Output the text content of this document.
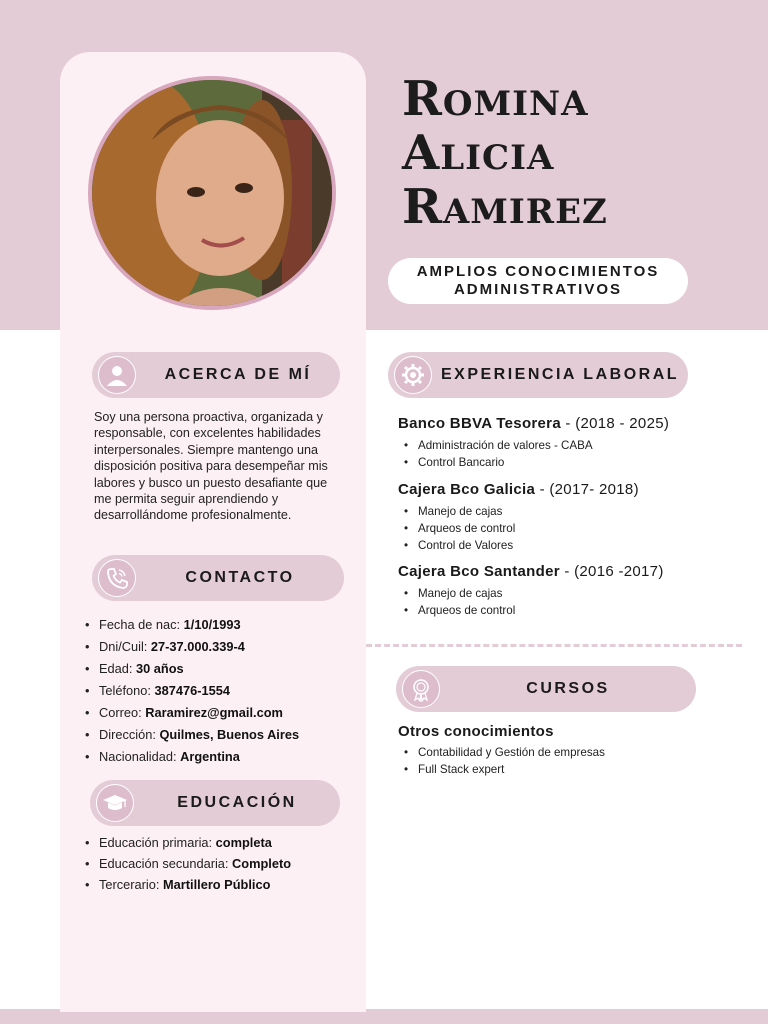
Romina
Alicia
Ramirez
AMPLIOS CONOCIMIENTOS
ADMINISTRATIVOS
ACERCA DE MÍ

Soy una persona proactiva, organizada y responsable, con excelentes habilidades interpersonales. Siempre mantengo una disposición positiva para desempeñar mis labores y busco un puesto desafiante que me permita seguir aprendiendo y desarrollándome profesionalmente.

CONTACTO
• Fecha de nac: 1/10/1993
• Dni/Cuil: 27-37.000.339-4
• Edad: 30 años
• Teléfono: 387476-1554
• Correo: Raramirez@gmail.com
• Dirección: Quilmes, Buenos Aires
• Nacionalidad: Argentina
EDUCACIÓN
• Educación primaria: completa
• Educación secundaria: Completo
• Tercerario: Martillero Público
EXPERIENCIA LABORAL
Banco BBVA Tesorera - (2018 - 2025)
• Administración de valores - CABA
• Control Bancario
Cajera Bco Galicia - (2017- 2018)
• Manejo de cajas
• Arqueos de control
• Control de Valores
Cajera Bco Santander - (2016 -2017)
• Manejo de cajas
• Arqueos de control
CURSOS
Otros conocimientos
• Contabilidad y Gestión de empresas
• Full Stack expert
